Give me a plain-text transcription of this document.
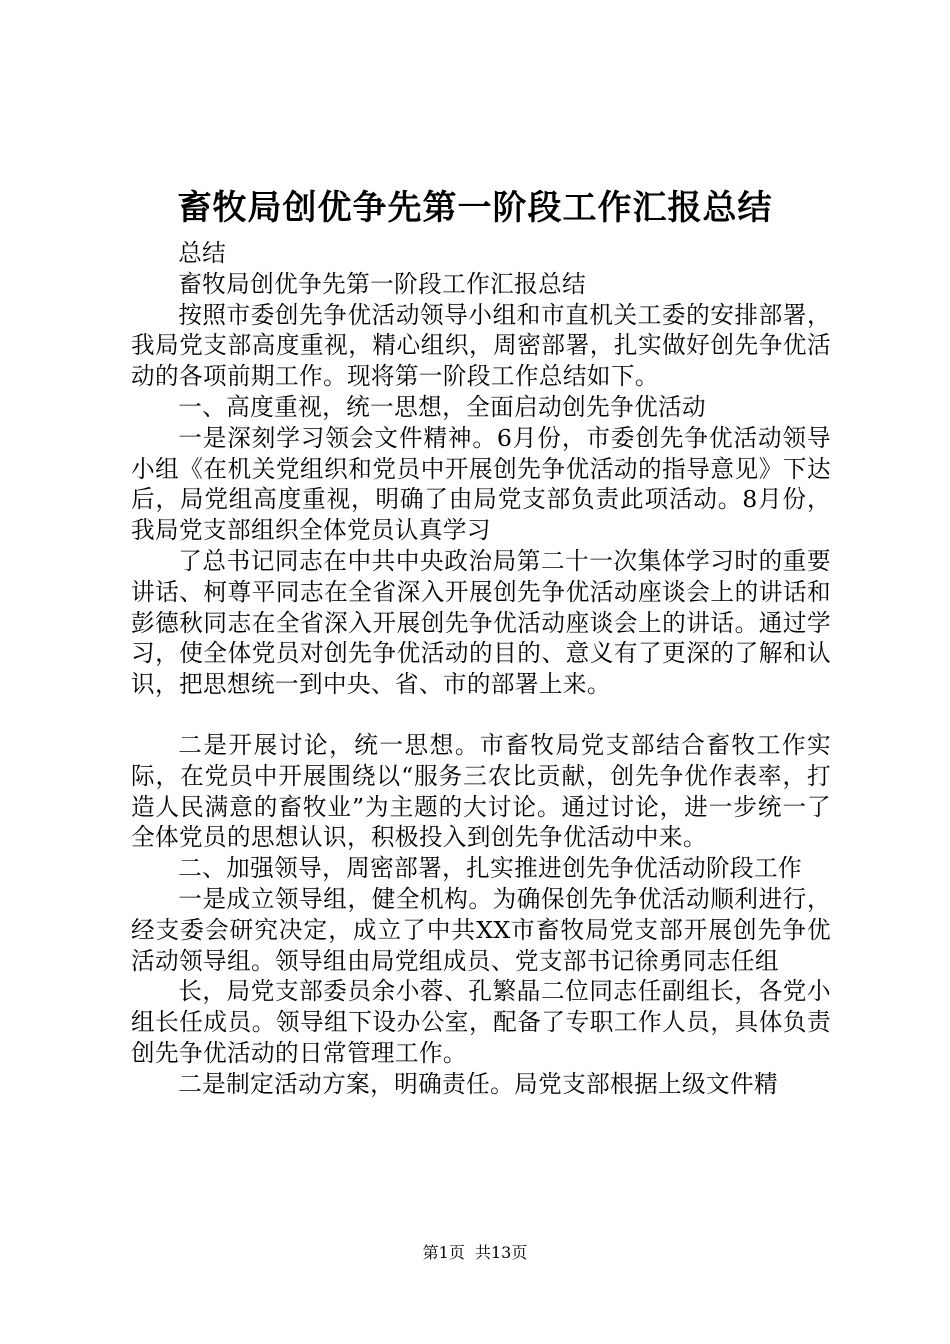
畜牧局创优争先第一阶段工作汇报总结

总结

畜牧局创优争先第一阶段工作汇报总结

按照市委创先争优活动领导小组和市直机关工委的安排部署，我局党支部高度重视，精心组织，周密部署，扎实做好创先争优活动的各项前期工作。现将第一阶段工作总结如下。

一、高度重视，统一思想，全面启动创先争优活动

一是深刻学习领会文件精神。6月份，市委创先争优活动领导小组《在机关党组织和党员中开展创先争优活动的指导意见》下达后，局党组高度重视，明确了由局党支部负责此项活动。8月份，我局党支部组织全体党员认真学习

了总书记同志在中共中央政治局第二十一次集体学习时的重要讲话、柯尊平同志在全省深入开展创先争优活动座谈会上的讲话和彭德秋同志在全省深入开展创先争优活动座谈会上的讲话。通过学习，使全体党员对创先争优活动的目的、意义有了更深的了解和认识，把思想统一到中央、省、市的部署上来。

二是开展讨论，统一思想。市畜牧局党支部结合畜牧工作实际，在党员中开展围绕以“服务三农比贡献，创先争优作表率，打造人民满意的畜牧业”为主题的大讨论。通过讨论，进一步统一了全体党员的思想认识，积极投入到创先争优活动中来。

二、加强领导，周密部署，扎实推进创先争优活动阶段工作

一是成立领导组，健全机构。为确保创先争优活动顺利进行，经支委会研究决定，成立了中共XX市畜牧局党支部开展创先争优活动领导组。领导组由局党组成员、党支部书记徐勇同志任组

长，局党支部委员余小蓉、孔繁晶二位同志任副组长，各党小组长任成员。领导组下设办公室，配备了专职工作人员，具体负责创先争优活动的日常管理工作。

二是制定活动方案，明确责任。局党支部根据上级文件精

第1页  共13页
